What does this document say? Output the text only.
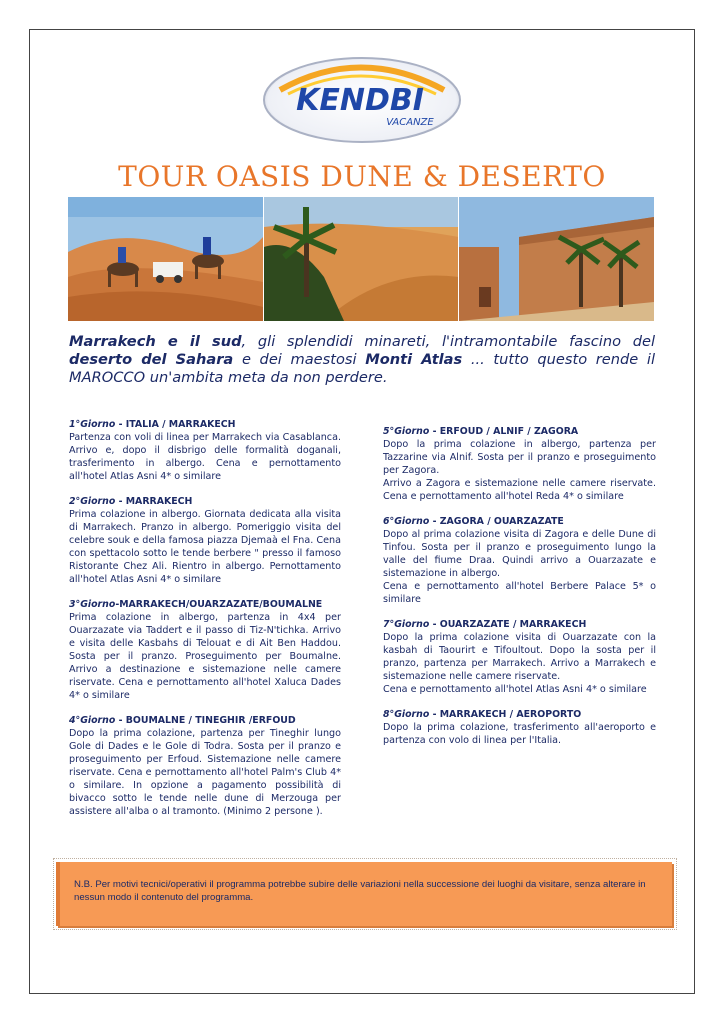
KENDBI
VACANZE
TOUR OASIS DUNE & DESERTO
Marrakech e il sud, gli splendidi minareti, l'intramontabile fascino del deserto del Sahara e dei maestosi Monti Atlas ... tutto questo rende il MAROCCO un'ambita meta da non perdere.
1°Giorno - ITALIA / MARRAKECH

Partenza con voli di linea per Marrakech via Casablanca. Arrivo e, dopo il disbrigo delle formalità doganali, trasferimento in albergo. Cena e pernottamento all'hotel Atlas Asni 4* o similare

2°Giorno - MARRAKECH

Prima colazione in albergo. Giornata dedicata alla visita di Marrakech. Pranzo in albergo. Pomeriggio visita del celebre souk e della famosa piazza Djemaà el Fna. Cena con spettacolo sotto le tende berbere " presso il famoso Ristorante Chez Ali. Rientro in albergo. Pernottamento all'hotel Atlas Asni 4* o similare

3°Giorno-MARRAKECH/OUARZAZATE/BOUMALNE

Prima colazione in albergo, partenza in 4x4 per Ouarzazate via Taddert e il passo di Tiz-N'tichka. Arrivo e visita delle Kasbahs di Telouat e di Ait Ben Haddou. Sosta per il pranzo. Proseguimento per Boumalne. Arrivo a destinazione e sistemazione nelle camere riservate. Cena e pernottamento all'hotel Xaluca Dades 4* o similare

4°Giorno - BOUMALNE / TINEGHIR /ERFOUD

Dopo la prima colazione, partenza per Tineghir lungo Gole di Dades e le Gole di Todra. Sosta per il pranzo e proseguimento per Erfoud. Sistemazione nelle camere riservate. Cena e pernottamento all'hotel Palm's Club 4* o similare. In opzione a pagamento possibilità di bivacco sotto le tende nelle dune di Merzouga per assistere all'alba o al tramonto. (Minimo 2 persone ).

5°Giorno - ERFOUD / ALNIF / ZAGORA

Dopo la prima colazione in albergo, partenza per Tazzarine via Alnif. Sosta per il pranzo e proseguimento per Zagora.

Arrivo a Zagora e sistemazione nelle camere riservate. Cena e pernottamento all'hotel Reda 4* o similare

6°Giorno - ZAGORA / OUARZAZATE

Dopo al prima colazione visita di Zagora e delle Dune di Tinfou. Sosta per il pranzo e proseguimento lungo la valle del fiume Draa. Quindi arrivo a Ouarzazate e sistemazione in albergo.

Cena e pernottamento all'hotel Berbere Palace 5* o similare

7°Giorno - OUARZAZATE / MARRAKECH

Dopo la prima colazione visita di Ouarzazate con la kasbah di Taourirt e Tifoultout. Dopo la sosta per il pranzo, partenza per Marrakech. Arrivo a Marrakech e sistemazione nelle camere riservate.

Cena e pernottamento all'hotel Atlas Asni 4* o similare

8°Giorno - MARRAKECH / AEROPORTO

Dopo la prima colazione, trasferimento all'aeroporto e partenza con volo di linea per l'Italia.

N.B. Per motivi tecnici/operativi il programma potrebbe subire delle variazioni nella successione dei luoghi da visitare, senza alterare in nessun modo il contenuto del programma.
